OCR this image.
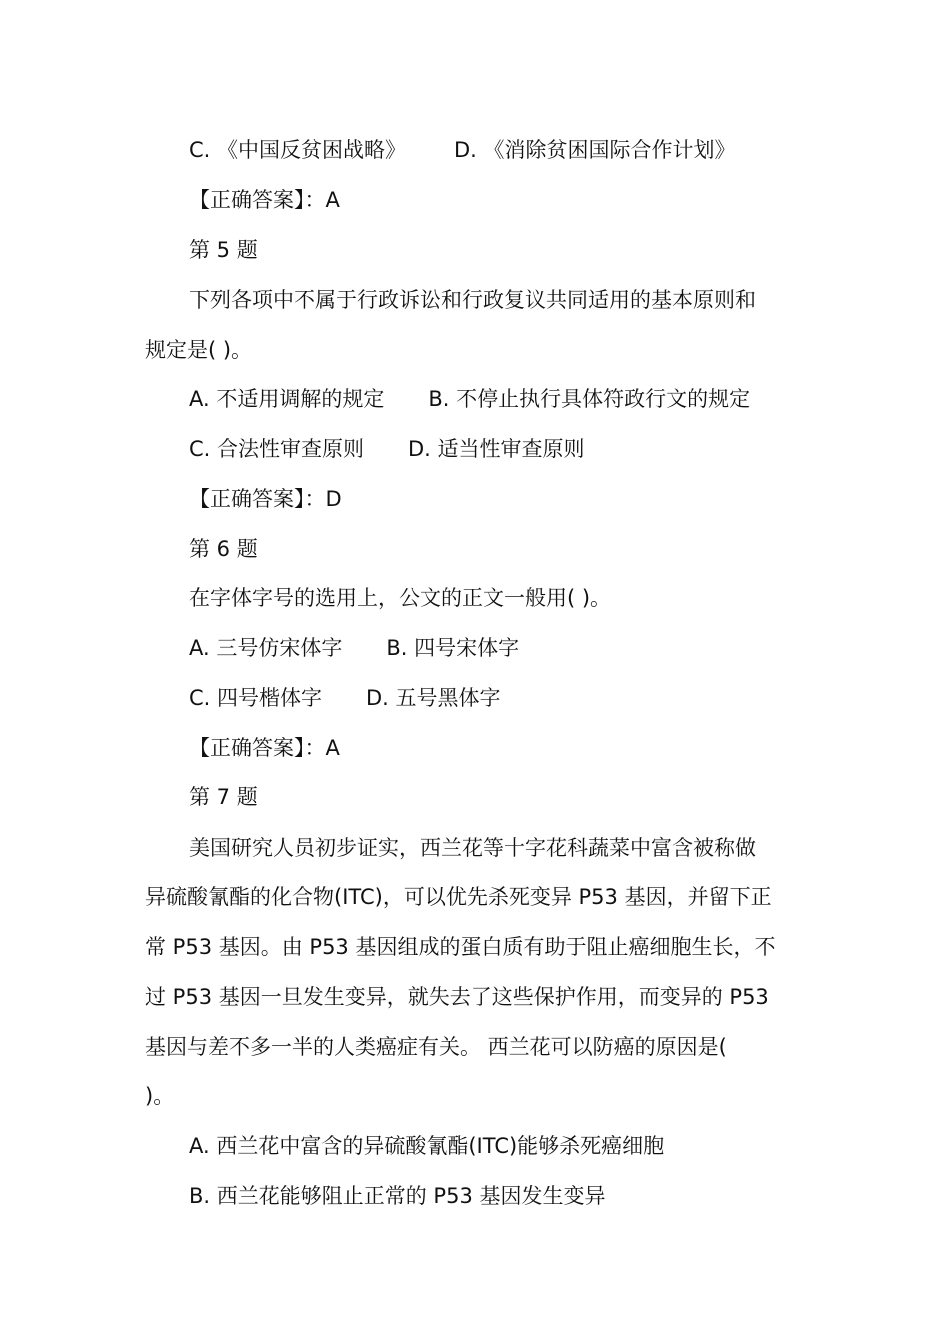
C. 《中国反贫困战略》 D. 《消除贫困国际合作计划》
【正确答案】：A
第 5 题
下列各项中不属于行政诉讼和行政复议共同适用的基本原则和
规定是( )。
A. 不适用调解的规定 B. 不停止执行具体符政行文的规定
C. 合法性审查原则 D. 适当性审查原则
【正确答案】：D
第 6 题
在字体字号的选用上，公文的正文一般用( )。
A. 三号仿宋体字 B. 四号宋体字
C. 四号楷体字 D. 五号黑体字
【正确答案】：A
第 7 题
美国研究人员初步证实，西兰花等十字花科蔬菜中富含被称做
异硫酸氰酯的化合物(ITC)，可以优先杀死变异 P53 基因，并留下正
常 P53 基因。由 P53 基因组成的蛋白质有助于阻止癌细胞生长，不
过 P53 基因一旦发生变异，就失去了这些保护作用，而变异的 P53
基因与差不多一半的人类癌症有关。 西兰花可以防癌的原因是(
)。
A. 西兰花中富含的异硫酸氰酯(ITC)能够杀死癌细胞
B. 西兰花能够阻止正常的 P53 基因发生变异
